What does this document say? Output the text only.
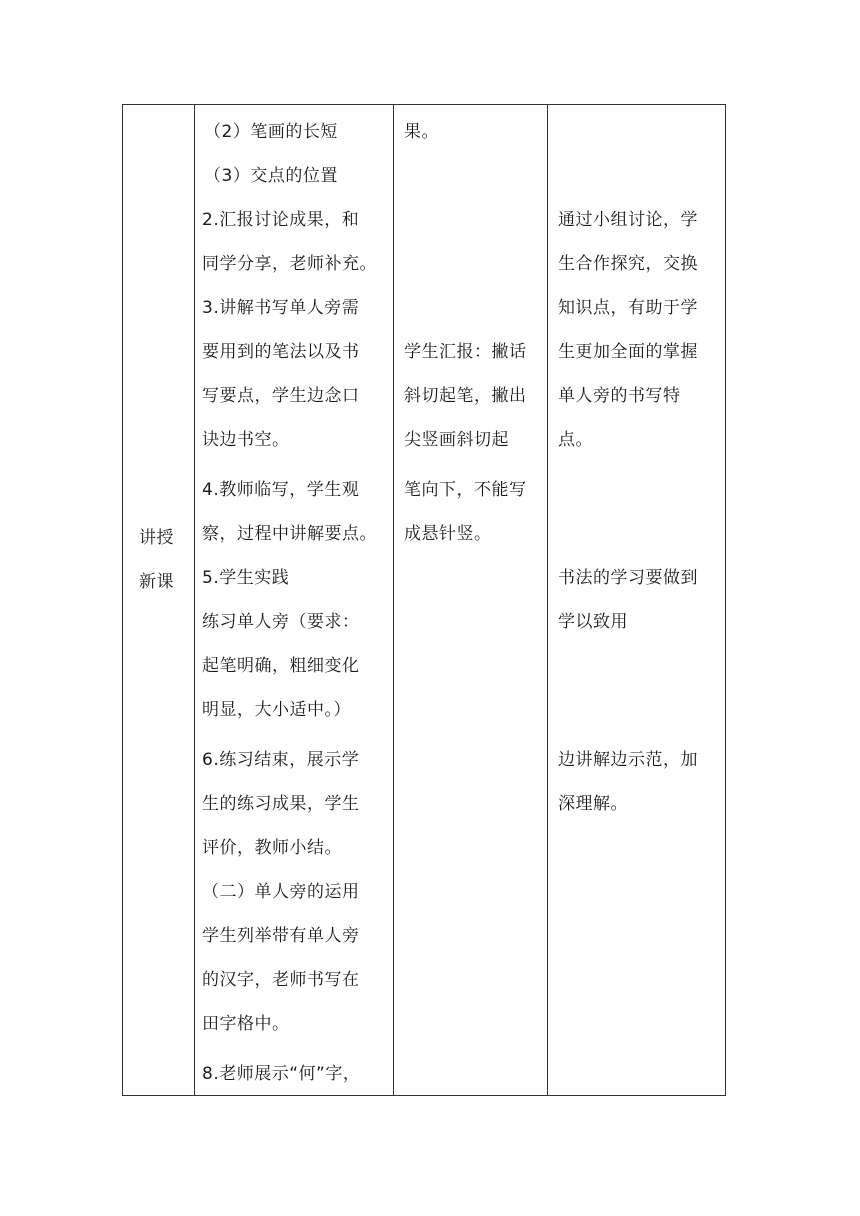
讲授
新课
（2）笔画的长短
（3）交点的位置
2.汇报讨论成果，和
同学分享，老师补充。
3.讲解书写单人旁需
要用到的笔法以及书
写要点，学生边念口
诀边书空。
4.教师临写，学生观
察，过程中讲解要点。
5.学生实践
练习单人旁（要求：
起笔明确，粗细变化
明显，大小适中。）
6.练习结束，展示学
生的练习成果，学生
评价，教师小结。
（二）单人旁的运用
学生列举带有单人旁
的汉字，老师书写在
田字格中。
8.老师展示“何”字，
果。
学生汇报：撇话
斜切起笔，撇出
尖竖画斜切起
笔向下，不能写
成悬针竖。
通过小组讨论，学
生合作探究，交换
知识点，有助于学
生更加全面的掌握
单人旁的书写特
点。
书法的学习要做到
学以致用
边讲解边示范，加
深理解。
